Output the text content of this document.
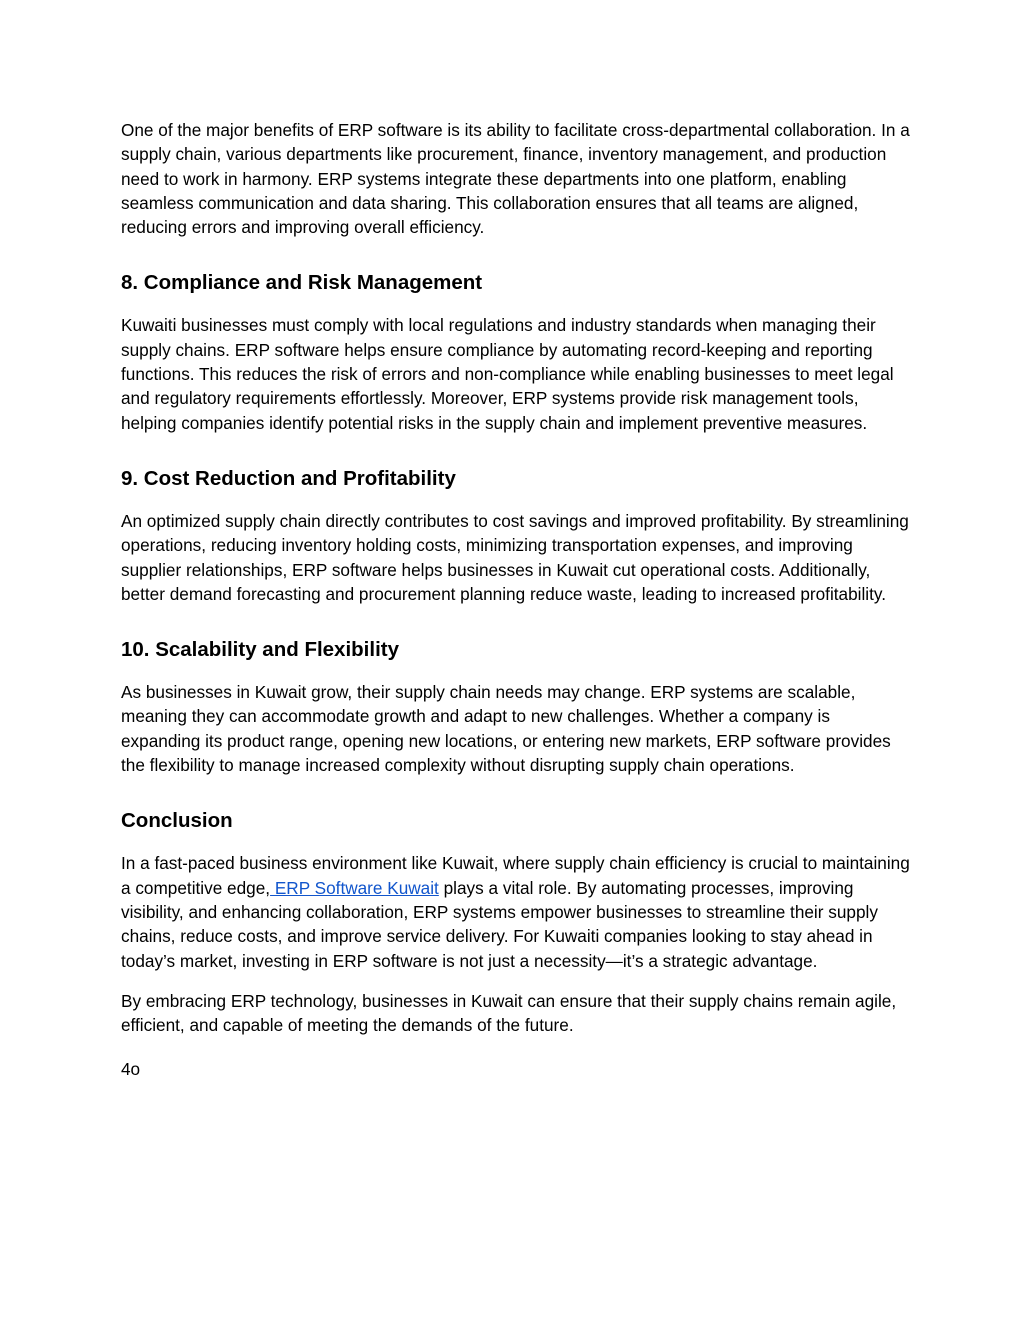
One of the major benefits of ERP software is its ability to facilitate cross-departmental collaboration. In a supply chain, various departments like procurement, finance, inventory management, and production need to work in harmony. ERP systems integrate these departments into one platform, enabling seamless communication and data sharing. This collaboration ensures that all teams are aligned, reducing errors and improving overall efficiency.

8. Compliance and Risk Management

Kuwaiti businesses must comply with local regulations and industry standards when managing their supply chains. ERP software helps ensure compliance by automating record-keeping and reporting functions. This reduces the risk of errors and non-compliance while enabling businesses to meet legal and regulatory requirements effortlessly. Moreover, ERP systems provide risk management tools, helping companies identify potential risks in the supply chain and implement preventive measures.

9. Cost Reduction and Profitability

An optimized supply chain directly contributes to cost savings and improved profitability. By streamlining operations, reducing inventory holding costs, minimizing transportation expenses, and improving supplier relationships, ERP software helps businesses in Kuwait cut operational costs. Additionally, better demand forecasting and procurement planning reduce waste, leading to increased profitability.

10. Scalability and Flexibility

As businesses in Kuwait grow, their supply chain needs may change. ERP systems are scalable, meaning they can accommodate growth and adapt to new challenges. Whether a company is expanding its product range, opening new locations, or entering new markets, ERP software provides the flexibility to manage increased complexity without disrupting supply chain operations.

Conclusion

In a fast-paced business environment like Kuwait, where supply chain efficiency is crucial to maintaining a competitive edge, ERP Software Kuwait plays a vital role. By automating processes, improving visibility, and enhancing collaboration, ERP systems empower businesses to streamline their supply chains, reduce costs, and improve service delivery. For Kuwaiti companies looking to stay ahead in today’s market, investing in ERP software is not just a necessity—it’s a strategic advantage.

By embracing ERP technology, businesses in Kuwait can ensure that their supply chains remain agile, efficient, and capable of meeting the demands of the future.

4o
